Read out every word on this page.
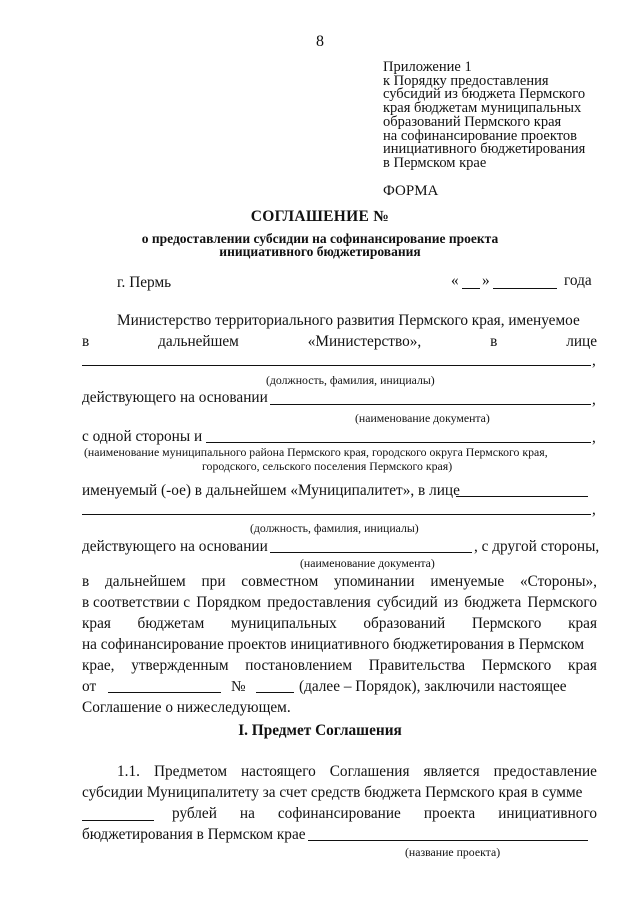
8
Приложение 1
к Порядку предоставления
субсидий из бюджета Пермского
края бюджетам муниципальных
образований Пермского края
на софинансирование проектов
инициативного бюджетирования
в Пермском крае
ФОРМА
СОГЛАШЕНИЕ №
о предоставлении субсидии на софинансирование проекта
инициативного бюджетирования
г. Пермь	« »	года
Министерство территориального развития Пермского края, именуемое
в	дальнейшем	«Министерство»,	в	лице
,
(должность, фамилия, инициалы)
действующего на основании	,
(наименование документа)
с одной стороны и	,
(наименование муниципального района Пермского края, городского округа Пермского края,
городского, сельского поселения Пермского края)
именуемый (-ое) в дальнейшем «Муниципалитет», в лице
,
(должность, фамилия, инициалы)
действующего на основании	, с другой стороны,
(наименование документа)
в дальнейшем при совместном упоминании именуемые «Стороны»,
в соответствии с Порядком предоставления субсидий из бюджета Пермского
края бюджетам муниципальных образований Пермского края
на софинансирование проектов инициативного бюджетирования в Пермском
крае, утвержденным постановлением Правительства Пермского края
от	№	(далее – Порядок), заключили настоящее
Соглашение о нижеследующем.
I. Предмет Соглашения
1.1. Предметом настоящего Соглашения является предоставление
субсидии Муниципалитету за счет средств бюджета Пермского края в сумме
рублей на софинансирование проекта инициативного
бюджетирования в Пермском крае
(название проекта)
